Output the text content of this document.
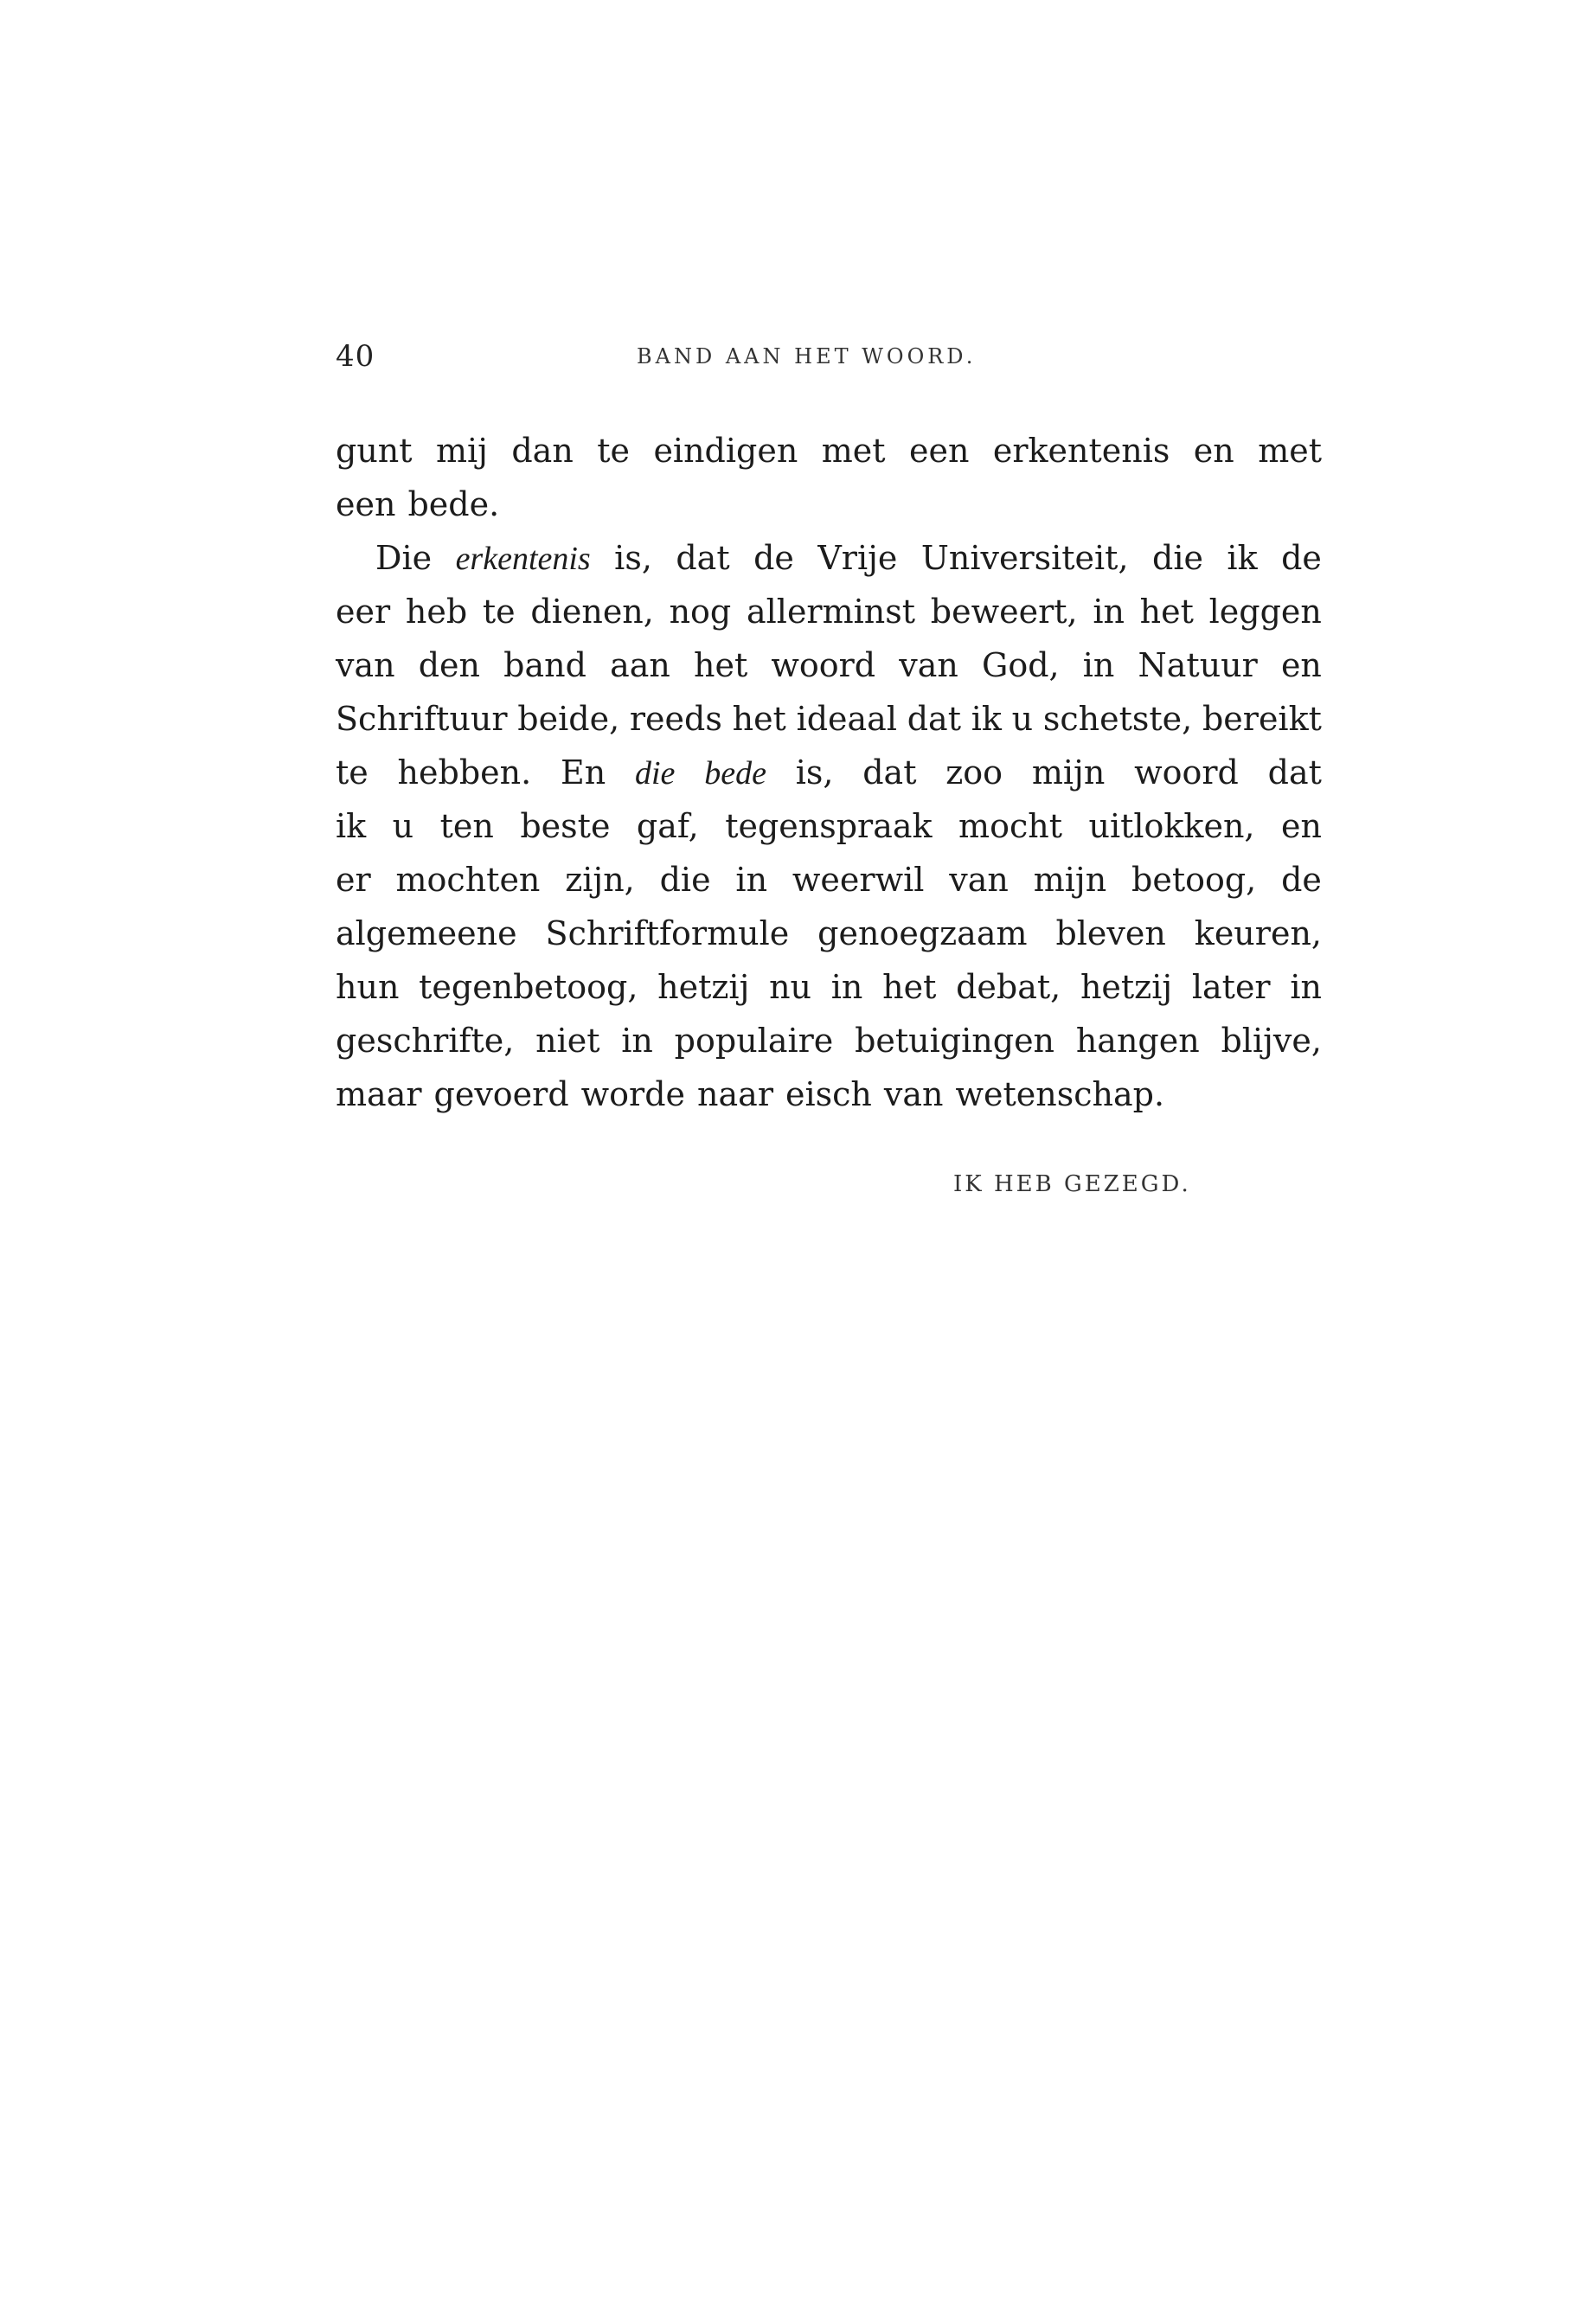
40	BAND AAN HET WOORD.
gunt mij dan te eindigen met een erkentenis en met
een bede.
Die erkentenis is, dat de Vrije Universiteit, die ik de
eer heb te dienen, nog allerminst beweert, in het leggen
van den band aan het woord van God, in Natuur en
Schriftuur beide, reeds het ideaal dat ik u schetste, bereikt
te hebben. En die bede is, dat zoo mijn woord dat
ik u ten beste gaf, tegenspraak mocht uitlokken, en
er mochten zijn, die in weerwil van mijn betoog, de
algemeene Schriftformule genoegzaam bleven keuren,
hun tegenbetoog, hetzij nu in het debat, hetzij later in
geschrifte, niet in populaire betuigingen hangen blijve,
maar gevoerd worde naar eisch van wetenschap.
IK HEB GEZEGD.
